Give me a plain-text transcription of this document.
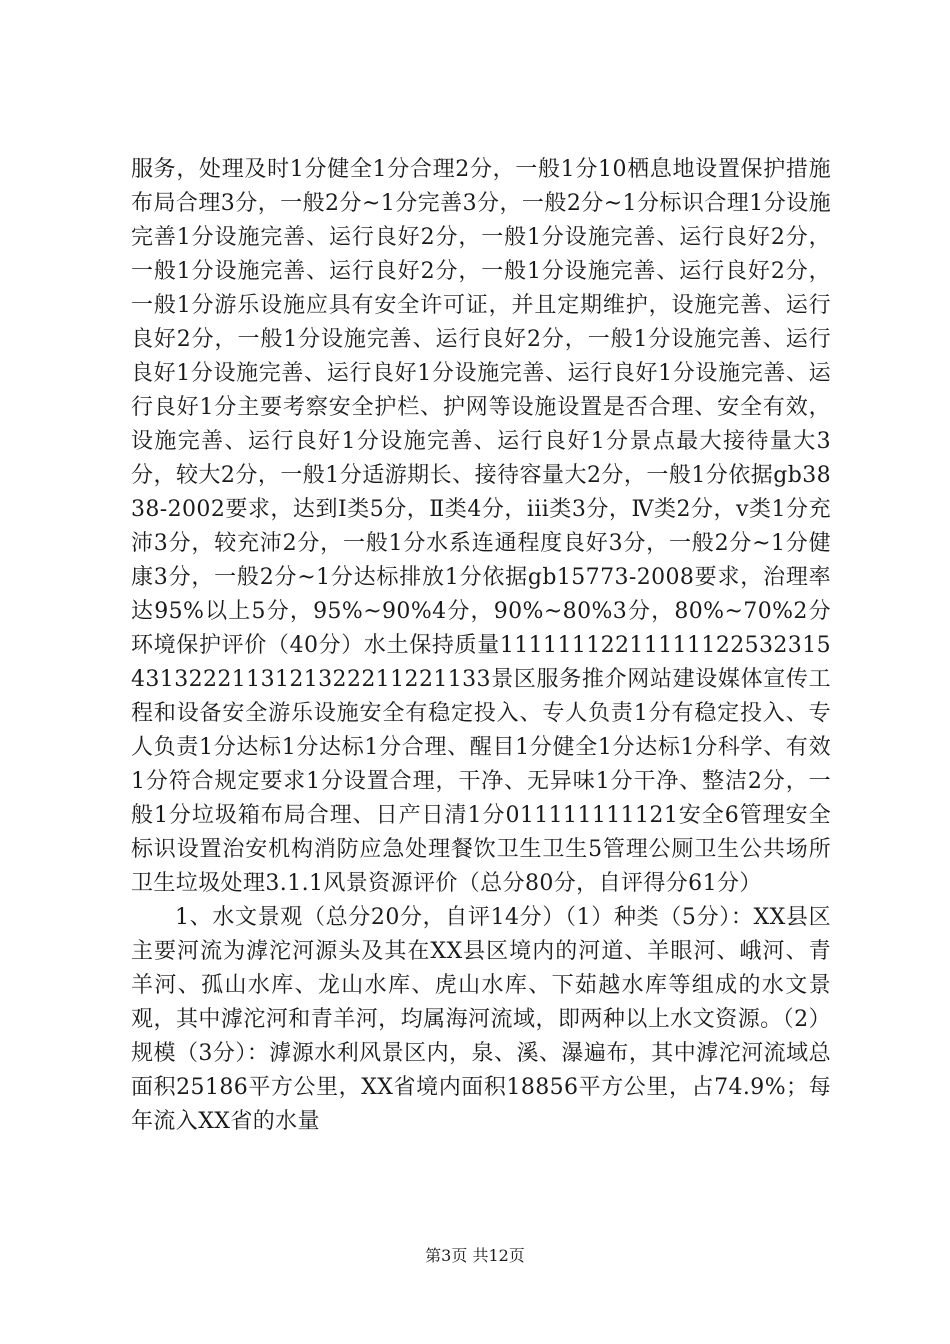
服务，处理及时1分健全1分合理2分，一般1分10栖息地设置保护措施布局合理3分，一般2分~1分完善3分，一般2分~1分标识合理1分设施完善1分设施完善、运行良好2分，一般1分设施完善、运行良好2分，一般1分设施完善、运行良好2分，一般1分设施完善、运行良好2分，一般1分游乐设施应具有安全许可证，并且定期维护，设施完善、运行良好2分，一般1分设施完善、运行良好2分，一般1分设施完善、运行良好1分设施完善、运行良好1分设施完善、运行良好1分设施完善、运行良好1分主要考察安全护栏、护网等设施设置是否合理、安全有效，设施完善、运行良好1分设施完善、运行良好1分景点最大接待量大3分，较大2分，一般1分适游期长、接待容量大2分，一般1分依据gb3838-2002要求，达到Ⅰ类5分，Ⅱ类4分，iii类3分，Ⅳ类2分，v类1分充沛3分，较充沛2分，一般1分水系连通程度良好3分，一般2分~1分健康3分，一般2分~1分达标排放1分依据gb15773-2008要求，治理率达95%以上5分，95%~90%4分，90%~80%3分，80%~70%2分环境保护评价（40分）水土保持质量111111122111111225323154313222113121322211221133景区服务推介网站建设媒体宣传工程和设备安全游乐设施安全有稳定投入、专人负责1分有稳定投入、专人负责1分达标1分达标1分合理、醒目1分健全1分达标1分科学、有效1分符合规定要求1分设置合理，干净、无异味1分干净、整洁2分，一般1分垃圾箱布局合理、日产日清1分011111111121安全6管理安全标识设置治安机构消防应急处理餐饮卫生卫生5管理公厕卫生公共场所卫生垃圾处理3.1.1风景资源评价（总分80分，自评得分61分）

1、水文景观（总分20分，自评14分）（1）种类（5分）：XX县区主要河流为滹沱河源头及其在XX县区境内的河道、羊眼河、峨河、青羊河、孤山水库、龙山水库、虎山水库、下茹越水库等组成的水文景观，其中滹沱河和青羊河，均属海河流域，即两种以上水文资源。（2）规模（3分）：滹源水利风景区内，泉、溪、瀑遍布，其中滹沱河流域总面积25186平方公里，XX省境内面积18856平方公里，占74.9%；每年流入XX省的水量

第3页 共12页
